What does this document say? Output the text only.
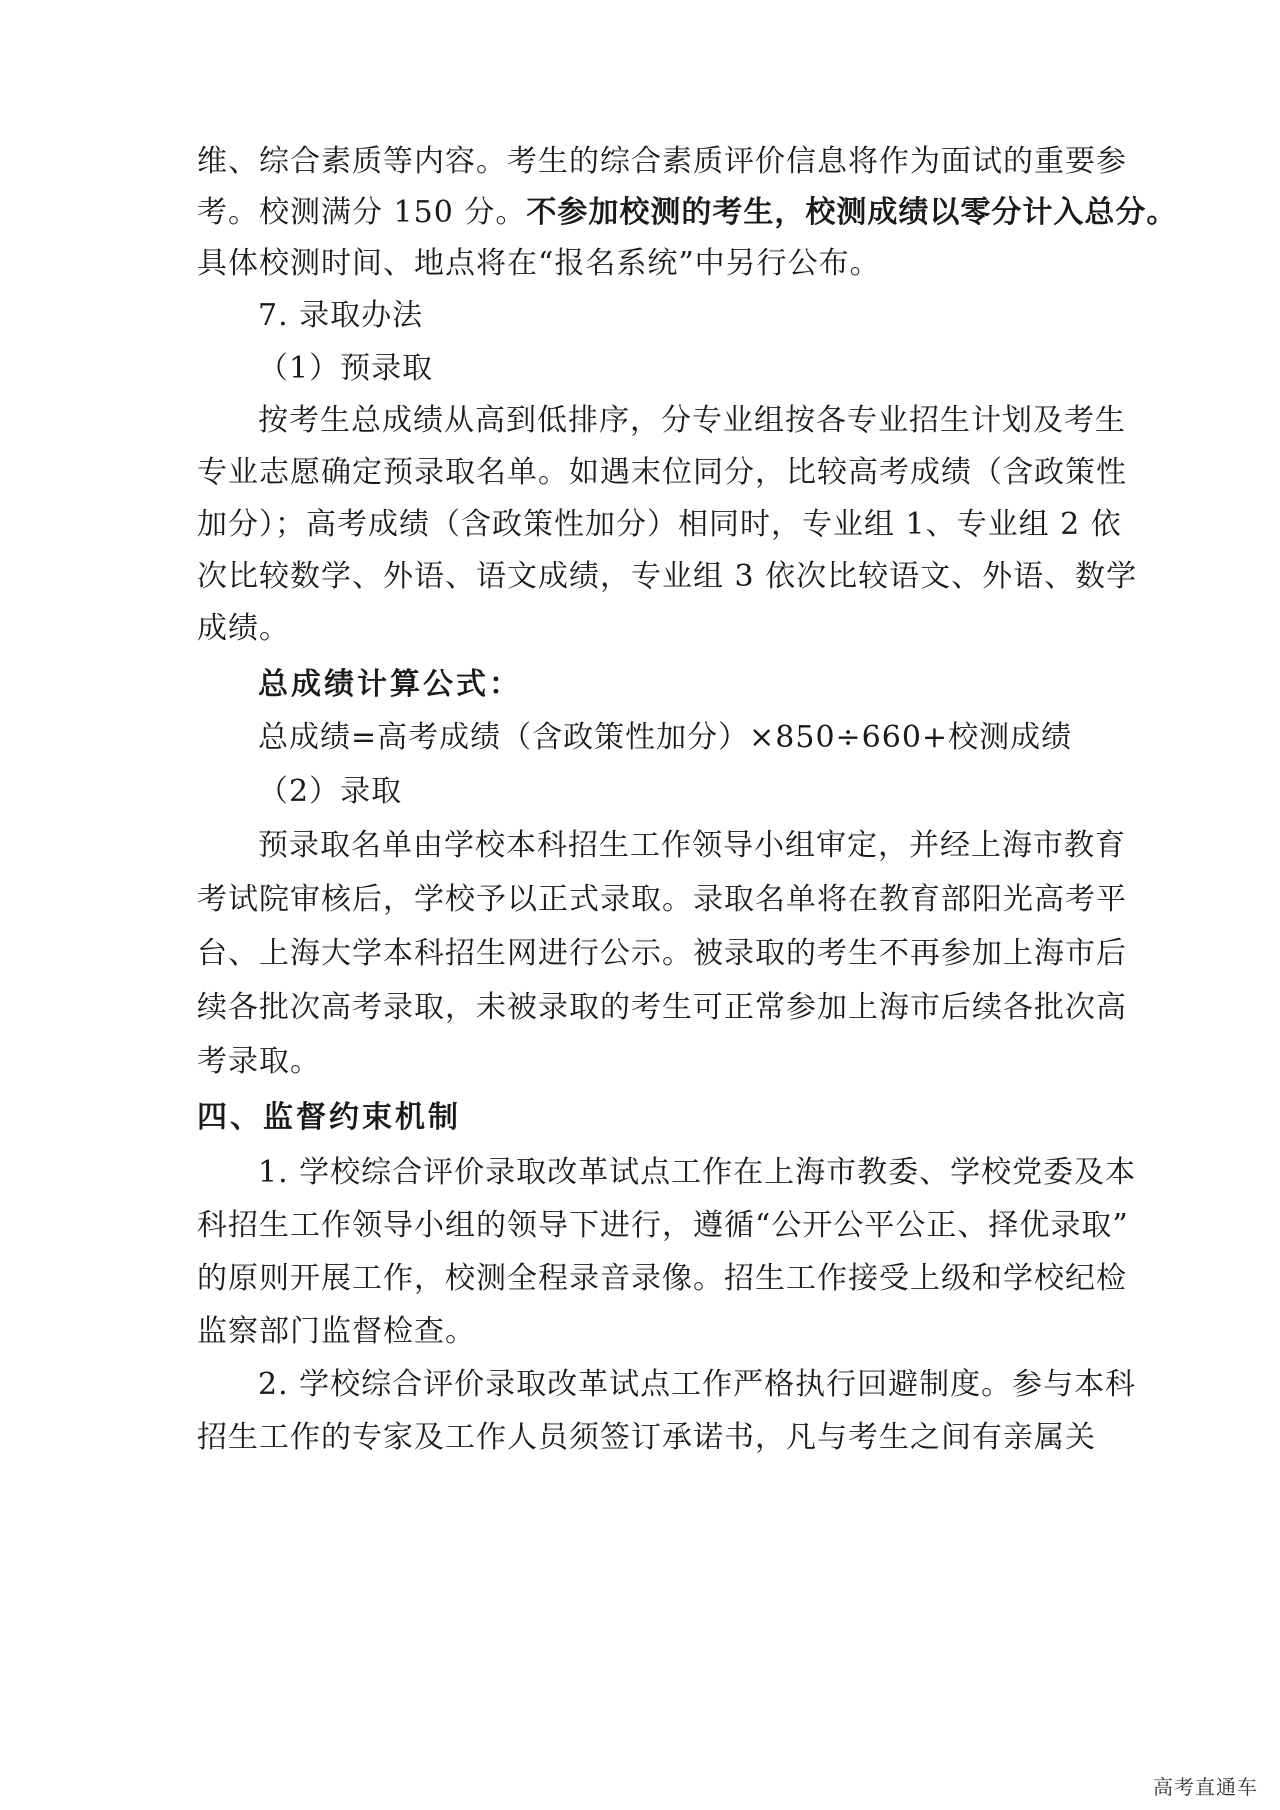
维、综合素质等内容。考生的综合素质评价信息将作为面试的重要参
考。校测满分 150 分。不参加校测的考生，校测成绩以零分计入总分。
具体校测时间、地点将在“报名系统”中另行公布。
7. 录取办法
（1）预录取
按考生总成绩从高到低排序，分专业组按各专业招生计划及考生
专业志愿确定预录取名单。如遇末位同分，比较高考成绩（含政策性
加分）；高考成绩（含政策性加分）相同时，专业组 1、专业组 2 依
次比较数学、外语、语文成绩，专业组 3 依次比较语文、外语、数学
成绩。
总成绩计算公式：
总成绩=高考成绩（含政策性加分）×850÷660+校测成绩
（2）录取
预录取名单由学校本科招生工作领导小组审定，并经上海市教育
考试院审核后，学校予以正式录取。录取名单将在教育部阳光高考平
台、上海大学本科招生网进行公示。被录取的考生不再参加上海市后
续各批次高考录取，未被录取的考生可正常参加上海市后续各批次高
考录取。
四、监督约束机制
1. 学校综合评价录取改革试点工作在上海市教委、学校党委及本
科招生工作领导小组的领导下进行，遵循“公开公平公正、择优录取”
的原则开展工作，校测全程录音录像。招生工作接受上级和学校纪检
监察部门监督检查。
2. 学校综合评价录取改革试点工作严格执行回避制度。参与本科
招生工作的专家及工作人员须签订承诺书，凡与考生之间有亲属关
高考直通车
